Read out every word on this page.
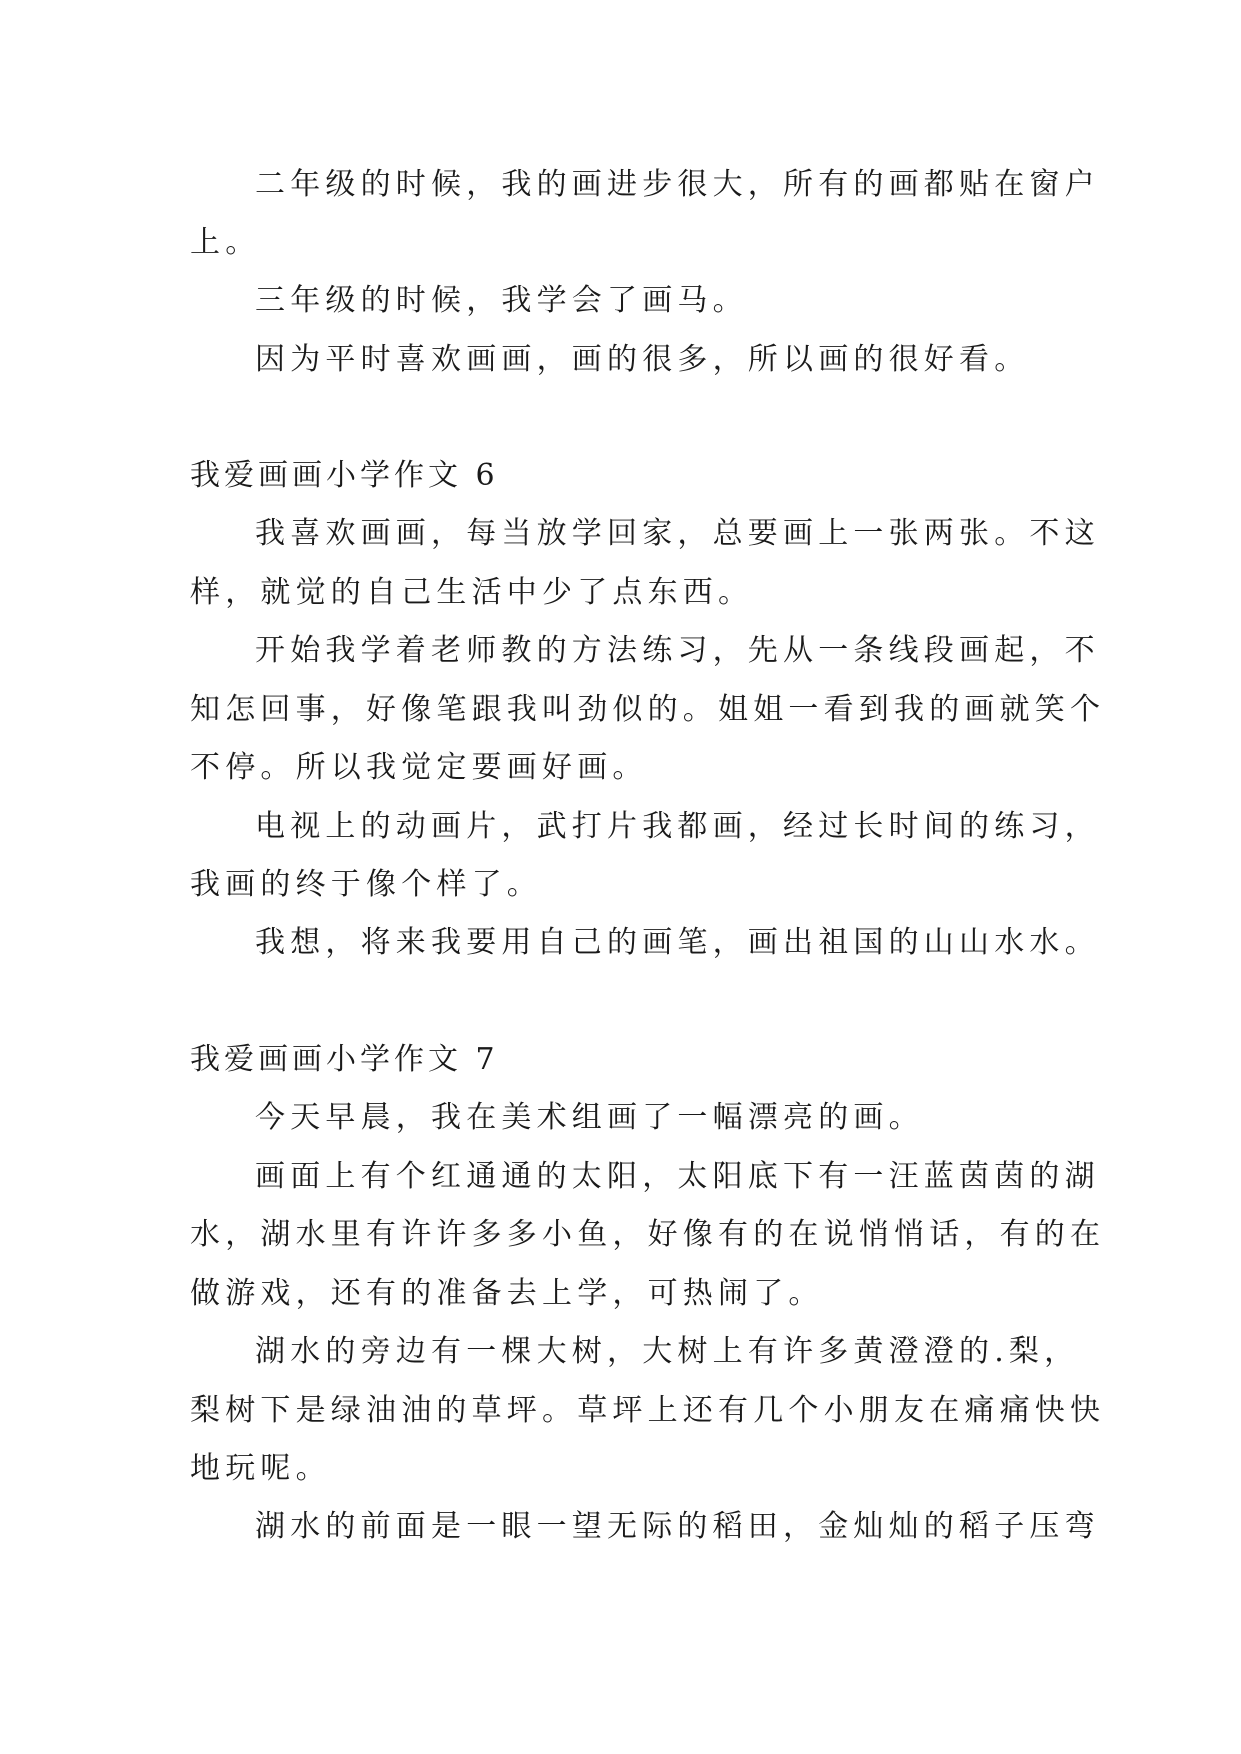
二年级的时候，我的画进步很大，所有的画都贴在窗户
上。
三年级的时候，我学会了画马。
因为平时喜欢画画，画的很多，所以画的很好看。
我爱画画小学作文 6
我喜欢画画，每当放学回家，总要画上一张两张。不这
样，就觉的自己生活中少了点东西。
开始我学着老师教的方法练习，先从一条线段画起，不
知怎回事，好像笔跟我叫劲似的。姐姐一看到我的画就笑个
不停。所以我觉定要画好画。
电视上的动画片，武打片我都画，经过长时间的练习，
我画的终于像个样了。
我想，将来我要用自己的画笔，画出祖国的山山水水。
我爱画画小学作文 7
今天早晨，我在美术组画了一幅漂亮的画。
画面上有个红通通的太阳，太阳底下有一汪蓝茵茵的湖
水，湖水里有许许多多小鱼，好像有的在说悄悄话，有的在
做游戏，还有的准备去上学，可热闹了。
湖水的旁边有一棵大树，大树上有许多黄澄澄的.梨，
梨树下是绿油油的草坪。草坪上还有几个小朋友在痛痛快快
地玩呢。
湖水的前面是一眼一望无际的稻田，金灿灿的稻子压弯
